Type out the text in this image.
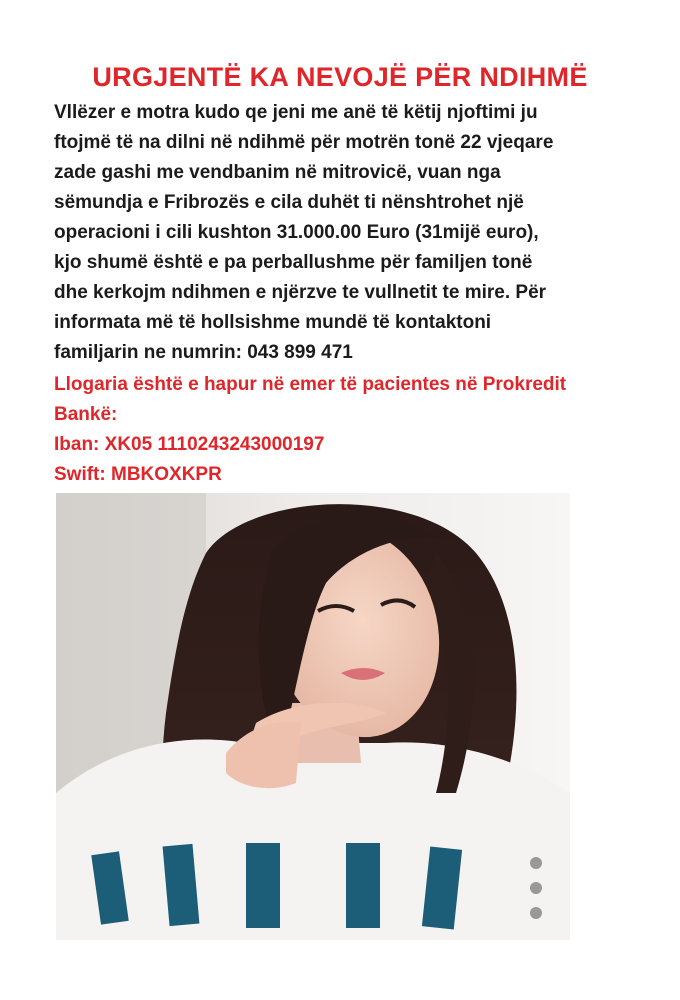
URGJENTË KA NEVOJË PËR NDIHMË
Vllëzer e motra kudo qe jeni me anë të këtij njoftimi ju
ftojmë të na dilni në ndihmë për motrën tonë 22 vjeqare
zade gashi me vendbanim në mitrovicë, vuan nga
sëmundja e Fribrozës e cila duhët ti nënshtrohet një
operacioni i cili kushton 31.000.00 Euro (31mijë euro),
kjo shumë është e pa perballushme për familjen tonë
dhe kerkojm ndihmen e njërzve te vullnetit te mire. Për
informata më të hollsishme mundë të kontaktoni
familjarin ne numrin: 043 899 471
Llogaria është e hapur në emer të pacientes në Prokredit
Bankë:
Iban: XK05 1110243243000197
Swift: MBKOXKPR
